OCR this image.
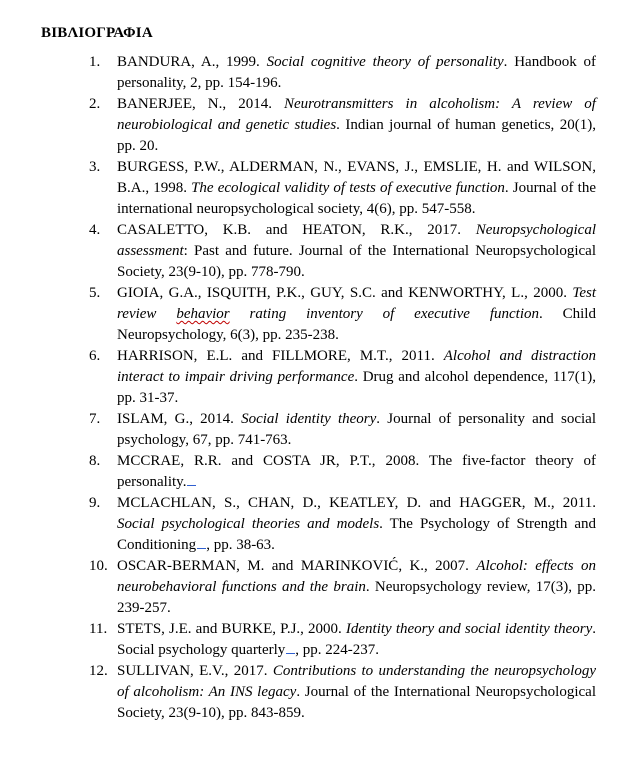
ΒΙΒΛΙΟΓΡΑΦΙΑ
1.	BANDURA, A., 1999. Social cognitive theory of personality. Handbook of personality, 2, pp. 154-196.
2.	BANERJEE, N., 2014. Neurotransmitters in alcoholism: A review of neurobiological and genetic studies. Indian journal of human genetics, 20(1), pp. 20.
3.	BURGESS, P.W., ALDERMAN, N., EVANS, J., EMSLIE, H. and WILSON, B.A., 1998. The ecological validity of tests of executive function. Journal of the international neuropsychological society, 4(6), pp. 547-558.
4.	CASALETTO, K.B. and HEATON, R.K., 2017. Neuropsychological assessment: Past and future. Journal of the International Neuropsychological Society, 23(9-10), pp. 778-790.
5.	GIOIA, G.A., ISQUITH, P.K., GUY, S.C. and KENWORTHY, L., 2000. Test review behavior rating inventory of executive function. Child Neuropsychology, 6(3), pp. 235-238.
6.	HARRISON, E.L. and FILLMORE, M.T., 2011. Alcohol and distraction interact to impair driving performance. Drug and alcohol dependence, 117(1), pp. 31-37.
7.	ISLAM, G., 2014. Social identity theory. Journal of personality and social psychology, 67, pp. 741-763.
8.	MCCRAE, R.R. and COSTA JR, P.T., 2008. The five-factor theory of personality.
9.	MCLACHLAN, S., CHAN, D., KEATLEY, D. and HAGGER, M., 2011. Social psychological theories and models. The Psychology of Strength and Conditioning , pp. 38-63.
10. OSCAR-BERMAN, M. and MARINKOVIĆ, K., 2007. Alcohol: effects on neurobehavioral functions and the brain. Neuropsychology review, 17(3), pp. 239-257.
11. STETS, J.E. and BURKE, P.J., 2000. Identity theory and social identity theory. Social psychology quarterly , pp. 224-237.
12. SULLIVAN, E.V., 2017. Contributions to understanding the neuropsychology of alcoholism: An INS legacy. Journal of the International Neuropsychological Society, 23(9-10), pp. 843-859.
